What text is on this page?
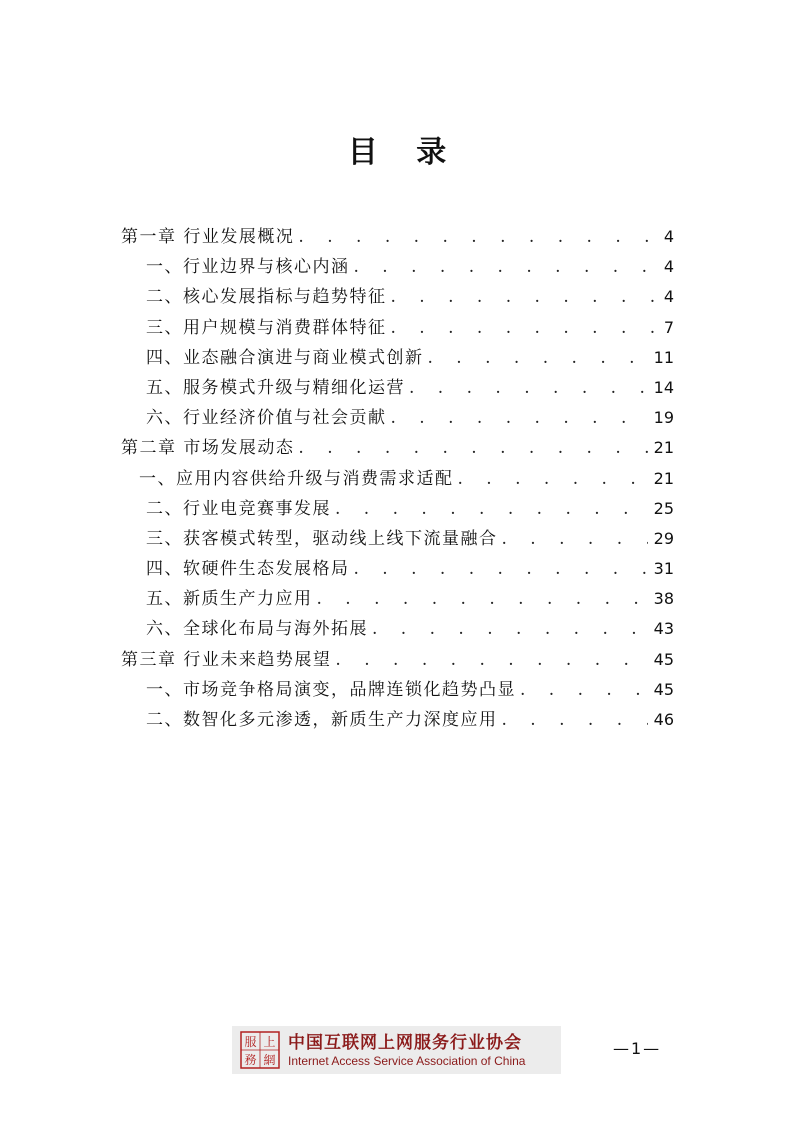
目 录
第一章 行业发展概况 .  .	4
一、行业边界与核心内涵 .  .	4
二、核心发展指标与趋势特征 .  .	4
三、用户规模与消费群体特征 .  .	7
四、业态融合演进与商业模式创新 .  .	11
五、服务模式升级与精细化运营 .  .	14
六、行业经济价值与社会贡献 .  .	19
第二章 市场发展动态 .  .	21
一、应用内容供给升级与消费需求适配 .  .	21
二、行业电竞赛事发展 .  .	25
三、获客模式转型，驱动线上线下流量融合 .  .	29
四、软硬件生态发展格局 .  .	31
五、新质生产力应用 .  .	38
六、全球化布局与海外拓展 .  .	43
第三章 行业未来趋势展望 .  .	45
一、市场竞争格局演变，品牌连锁化趋势凸显 .  .	45
二、数智化多元渗透，新质生产力深度应用 .  .	46
服 上
務 網
中国互联网上网服务行业协会
Internet Access Service Association of China
—1—
